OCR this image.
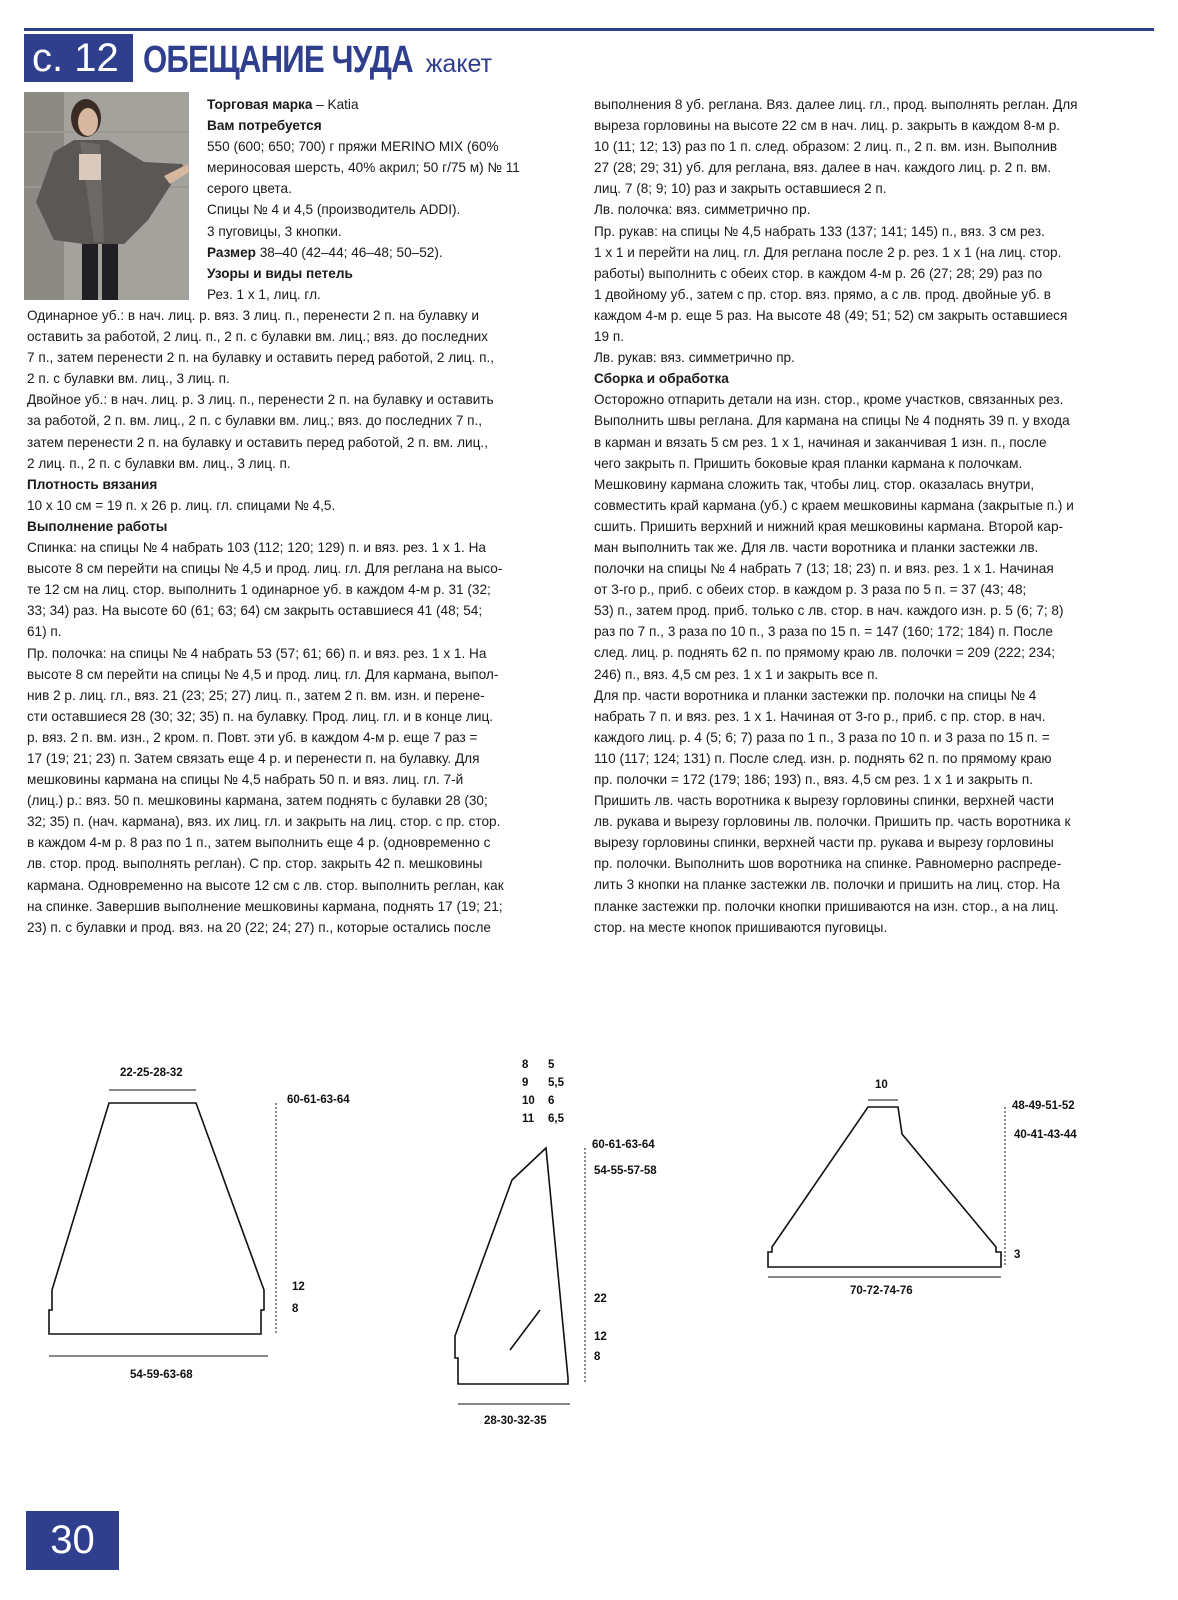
с. 12 ОБЕЩАНИЕ ЧУДА жакет

Торговая марка – Katia

Вам потребуется

550 (600; 650; 700) г пряжи MERINO MIX (60%

мериносовая шерсть, 40% акрил; 50 г/75 м) № 11

серого цвета.

Спицы № 4 и 4,5 (производитель ADDI).

3 пуговицы, 3 кнопки.

Размер 38–40 (42–44; 46–48; 50–52).

Узоры и виды петель

Рез. 1 х 1, лиц. гл.

Одинарное уб.: в нач. лиц. р. вяз. 3 лиц. п., перенести 2 п. на булавку и

оставить за работой, 2 лиц. п., 2 п. с булавки вм. лиц.; вяз. до последних

7 п., затем перенести 2 п. на булавку и оставить перед работой, 2 лиц. п.,

2 п. с булавки вм. лиц., 3 лиц. п.

Двойное уб.: в нач. лиц. р. 3 лиц. п., перенести 2 п. на булавку и оставить

за работой, 2 п. вм. лиц., 2 п. с булавки вм. лиц.; вяз. до последних 7 п.,

затем перенести 2 п. на булавку и оставить перед работой, 2 п. вм. лиц.,

2 лиц. п., 2 п. с булавки вм. лиц., 3 лиц. п.

Плотность вязания

10 х 10 см = 19 п. х 26 р. лиц. гл. спицами № 4,5.

Выполнение работы

Спинка: на спицы № 4 набрать 103 (112; 120; 129) п. и вяз. рез. 1 х 1. На

высоте 8 см перейти на спицы № 4,5 и прод. лиц. гл. Для реглана на высо-

те 12 см на лиц. стор. выполнить 1 одинарное уб. в каждом 4-м р. 31 (32;

33; 34) раз. На высоте 60 (61; 63; 64) см закрыть оставшиеся 41 (48; 54;

61) п.

Пр. полочка: на спицы № 4 набрать 53 (57; 61; 66) п. и вяз. рез. 1 х 1. На

высоте 8 см перейти на спицы № 4,5 и прод. лиц. гл. Для кармана, выпол-

нив 2 р. лиц. гл., вяз. 21 (23; 25; 27) лиц. п., затем 2 п. вм. изн. и перене-

сти оставшиеся 28 (30; 32; 35) п. на булавку. Прод. лиц. гл. и в конце лиц.

р. вяз. 2 п. вм. изн., 2 кром. п. Повт. эти уб. в каждом 4-м р. еще 7 раз =

17 (19; 21; 23) п. Затем связать еще 4 р. и перенести п. на булавку. Для

мешковины кармана на спицы № 4,5 набрать 50 п. и вяз. лиц. гл. 7-й

(лиц.) р.: вяз. 50 п. мешковины кармана, затем поднять с булавки 28 (30;

32; 35) п. (нач. кармана), вяз. их лиц. гл. и закрыть на лиц. стор. с пр. стор.

в каждом 4-м р. 8 раз по 1 п., затем выполнить еще 4 р. (одновременно с

лв. стор. прод. выполнять реглан). С пр. стор. закрыть 42 п. мешковины

кармана. Одновременно на высоте 12 см с лв. стор. выполнить реглан, как

на спинке. Завершив выполнение мешковины кармана, поднять 17 (19; 21;

23) п. с булавки и прод. вяз. на 20 (22; 24; 27) п., которые остались после

выполнения 8 уб. реглана. Вяз. далее лиц. гл., прод. выполнять реглан. Для

выреза горловины на высоте 22 см в нач. лиц. р. закрыть в каждом 8-м р.

10 (11; 12; 13) раз по 1 п. след. образом: 2 лиц. п., 2 п. вм. изн. Выполнив

27 (28; 29; 31) уб. для реглана, вяз. далее в нач. каждого лиц. р. 2 п. вм.

лиц. 7 (8; 9; 10) раз и закрыть оставшиеся 2 п.

Лв. полочка: вяз. симметрично пр.

Пр. рукав: на спицы № 4,5 набрать 133 (137; 141; 145) п., вяз. 3 см рез.

1 х 1 и перейти на лиц. гл. Для реглана после 2 р. рез. 1 х 1 (на лиц. стор.

работы) выполнить с обеих стор. в каждом 4-м р. 26 (27; 28; 29) раз по

1 двойному уб., затем с пр. стор. вяз. прямо, а с лв. прод. двойные уб. в

каждом 4-м р. еще 5 раз. На высоте 48 (49; 51; 52) см закрыть оставшиеся

19 п.

Лв. рукав: вяз. симметрично пр.

Сборка и обработка

Осторожно отпарить детали на изн. стор., кроме участков, связанных рез.

Выполнить швы реглана. Для кармана на спицы № 4 поднять 39 п. у входа

в карман и вязать 5 см рез. 1 х 1, начиная и заканчивая 1 изн. п., после

чего закрыть п. Пришить боковые края планки кармана к полочкам.

Мешковину кармана сложить так, чтобы лиц. стор. оказалась внутри,

совместить край кармана (уб.) с краем мешковины кармана (закрытые п.) и

сшить. Пришить верхний и нижний края мешковины кармана. Второй кар-

ман выполнить так же. Для лв. части воротника и планки застежки лв.

полочки на спицы № 4 набрать 7 (13; 18; 23) п. и вяз. рез. 1 х 1. Начиная

от 3-го р., приб. с обеих стор. в каждом р. 3 раза по 5 п. = 37 (43; 48;

53) п., затем прод. приб. только с лв. стор. в нач. каждого изн. р. 5 (6; 7; 8)

раз по 7 п., 3 раза по 10 п., 3 раза по 15 п. = 147 (160; 172; 184) п. После

след. лиц. р. поднять 62 п. по прямому краю лв. полочки = 209 (222; 234;

246) п., вяз. 4,5 см рез. 1 х 1 и закрыть все п.

Для пр. части воротника и планки застежки пр. полочки на спицы № 4

набрать 7 п. и вяз. рез. 1 х 1. Начиная от 3-го р., приб. с пр. стор. в нач.

каждого лиц. р. 4 (5; 6; 7) раза по 1 п., 3 раза по 10 п. и 3 раза по 15 п. =

110 (117; 124; 131) п. После след. изн. р. поднять 62 п. по прямому краю

пр. полочки = 172 (179; 186; 193) п., вяз. 4,5 см рез. 1 х 1 и закрыть п.

Пришить лв. часть воротника к вырезу горловины спинки, верхней части

лв. рукава и вырезу горловины лв. полочки. Пришить пр. часть воротника к

вырезу горловины спинки, верхней части пр. рукава и вырезу горловины

пр. полочки. Выполнить шов воротника на спинке. Равномерно распреде-

лить 3 кнопки на планке застежки лв. полочки и пришить на лиц. стор. На

планке застежки пр. полочки кнопки пришиваются на изн. стор., а на лиц.

стор. на месте кнопок пришиваются пуговицы.

22-25-28-32
54-59-63-68
60-61-63-64
12
8
8 5
9 5,5
10 6
11 6,5
60-61-63-64
54-55-57-58
22
12
8
28-30-32-35
10
48-49-51-52
40-41-43-44
3
70-72-74-76
30
